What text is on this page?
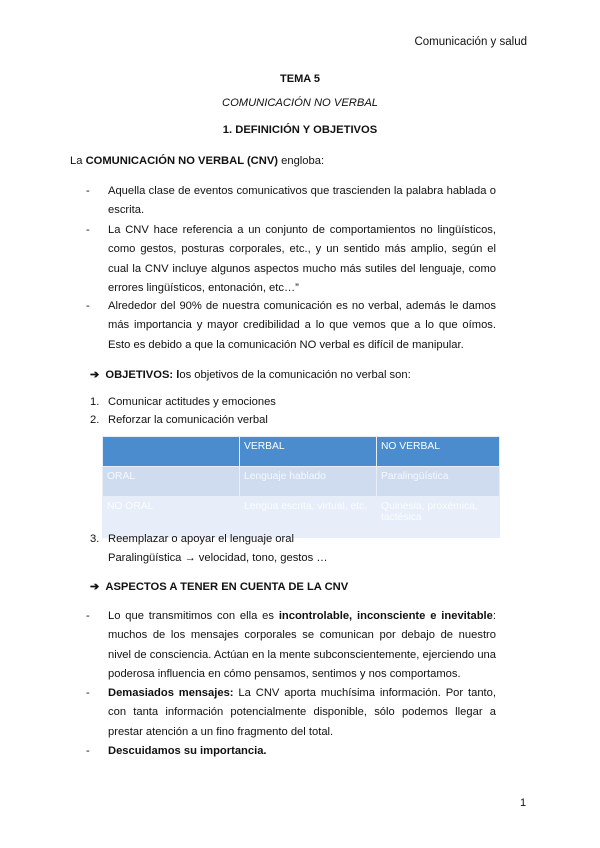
Comunicación y salud
TEMA 5
COMUNICACIÓN NO VERBAL
1. DEFINICIÓN Y OBJETIVOS
La COMUNICACIÓN NO VERBAL (CNV) engloba:
- Aquella clase de eventos comunicativos que trascienden la palabra hablada o escrita.
- La CNV hace referencia a un conjunto de comportamientos no lingüísticos, como gestos, posturas corporales, etc., y un sentido más amplio, según el cual la CNV incluye algunos aspectos mucho más sutiles del lenguaje, como errores lingüísticos, entonación, etc…”
- Alrededor del 90% de nuestra comunicación es no verbal, además le damos más importancia y mayor credibilidad a lo que vemos que a lo que oímos. Esto es debido a que la comunicación NO verbal es difícil de manipular.
➔ OBJETIVOS: los objetivos de la comunicación no verbal son:
1. Comunicar actitudes y emociones
2. Reforzar la comunicación verbal
	VERBAL	NO VERBAL
ORAL	Lenguaje hablado	Paralingüística
NO ORAL	Lengua escrita, virtual, etc.	Quinesia, proxémica, tactésica
3. Reemplazar o apoyar el lenguaje oral
Paralingüística → velocidad, tono, gestos …
➔ ASPECTOS A TENER EN CUENTA DE LA CNV
- Lo que transmitimos con ella es incontrolable, inconsciente e inevitable: muchos de los mensajes corporales se comunican por debajo de nuestro nivel de consciencia. Actúan en la mente subconscientemente, ejerciendo una poderosa influencia en cómo pensamos, sentimos y nos comportamos.
- Demasiados mensajes: La CNV aporta muchísima información. Por tanto, con tanta información potencialmente disponible, sólo podemos llegar a prestar atención a un fino fragmento del total.
- Descuidamos su importancia.
1
